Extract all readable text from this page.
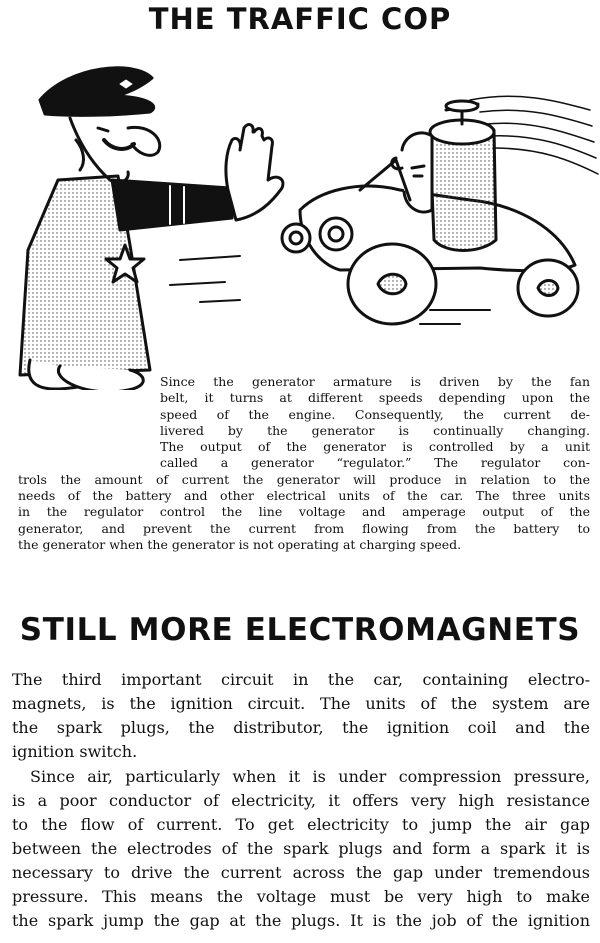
THE TRAFFIC COP
Since the generator armature is driven by the fan
belt, it turns at different speeds depending upon the
speed of the engine. Consequently, the current de-
livered by the generator is continually changing.
The output of the generator is controlled by a unit
called a generator “regulator.” The regulator con-
trols the amount of current the generator will produce in relation to the
needs of the battery and other electrical units of the car. The three units
in the regulator control the line voltage and amperage output of the
generator, and prevent the current from flowing from the battery to
the generator when the generator is not operating at charging speed.
STILL MORE ELECTROMAGNETS
The third important circuit in the car, containing electro-
magnets, is the ignition circuit. The units of the system are
the spark plugs, the distributor, the ignition coil and the
ignition switch.
Since air, particularly when it is under compression pressure,
is a poor conductor of electricity, it offers very high resistance
to the flow of current. To get electricity to jump the air gap
between the electrodes of the spark plugs and form a spark it is
necessary to drive the current across the gap under tremendous
pressure. This means the voltage must be very high to make
the spark jump the gap at the plugs. It is the job of the ignition
